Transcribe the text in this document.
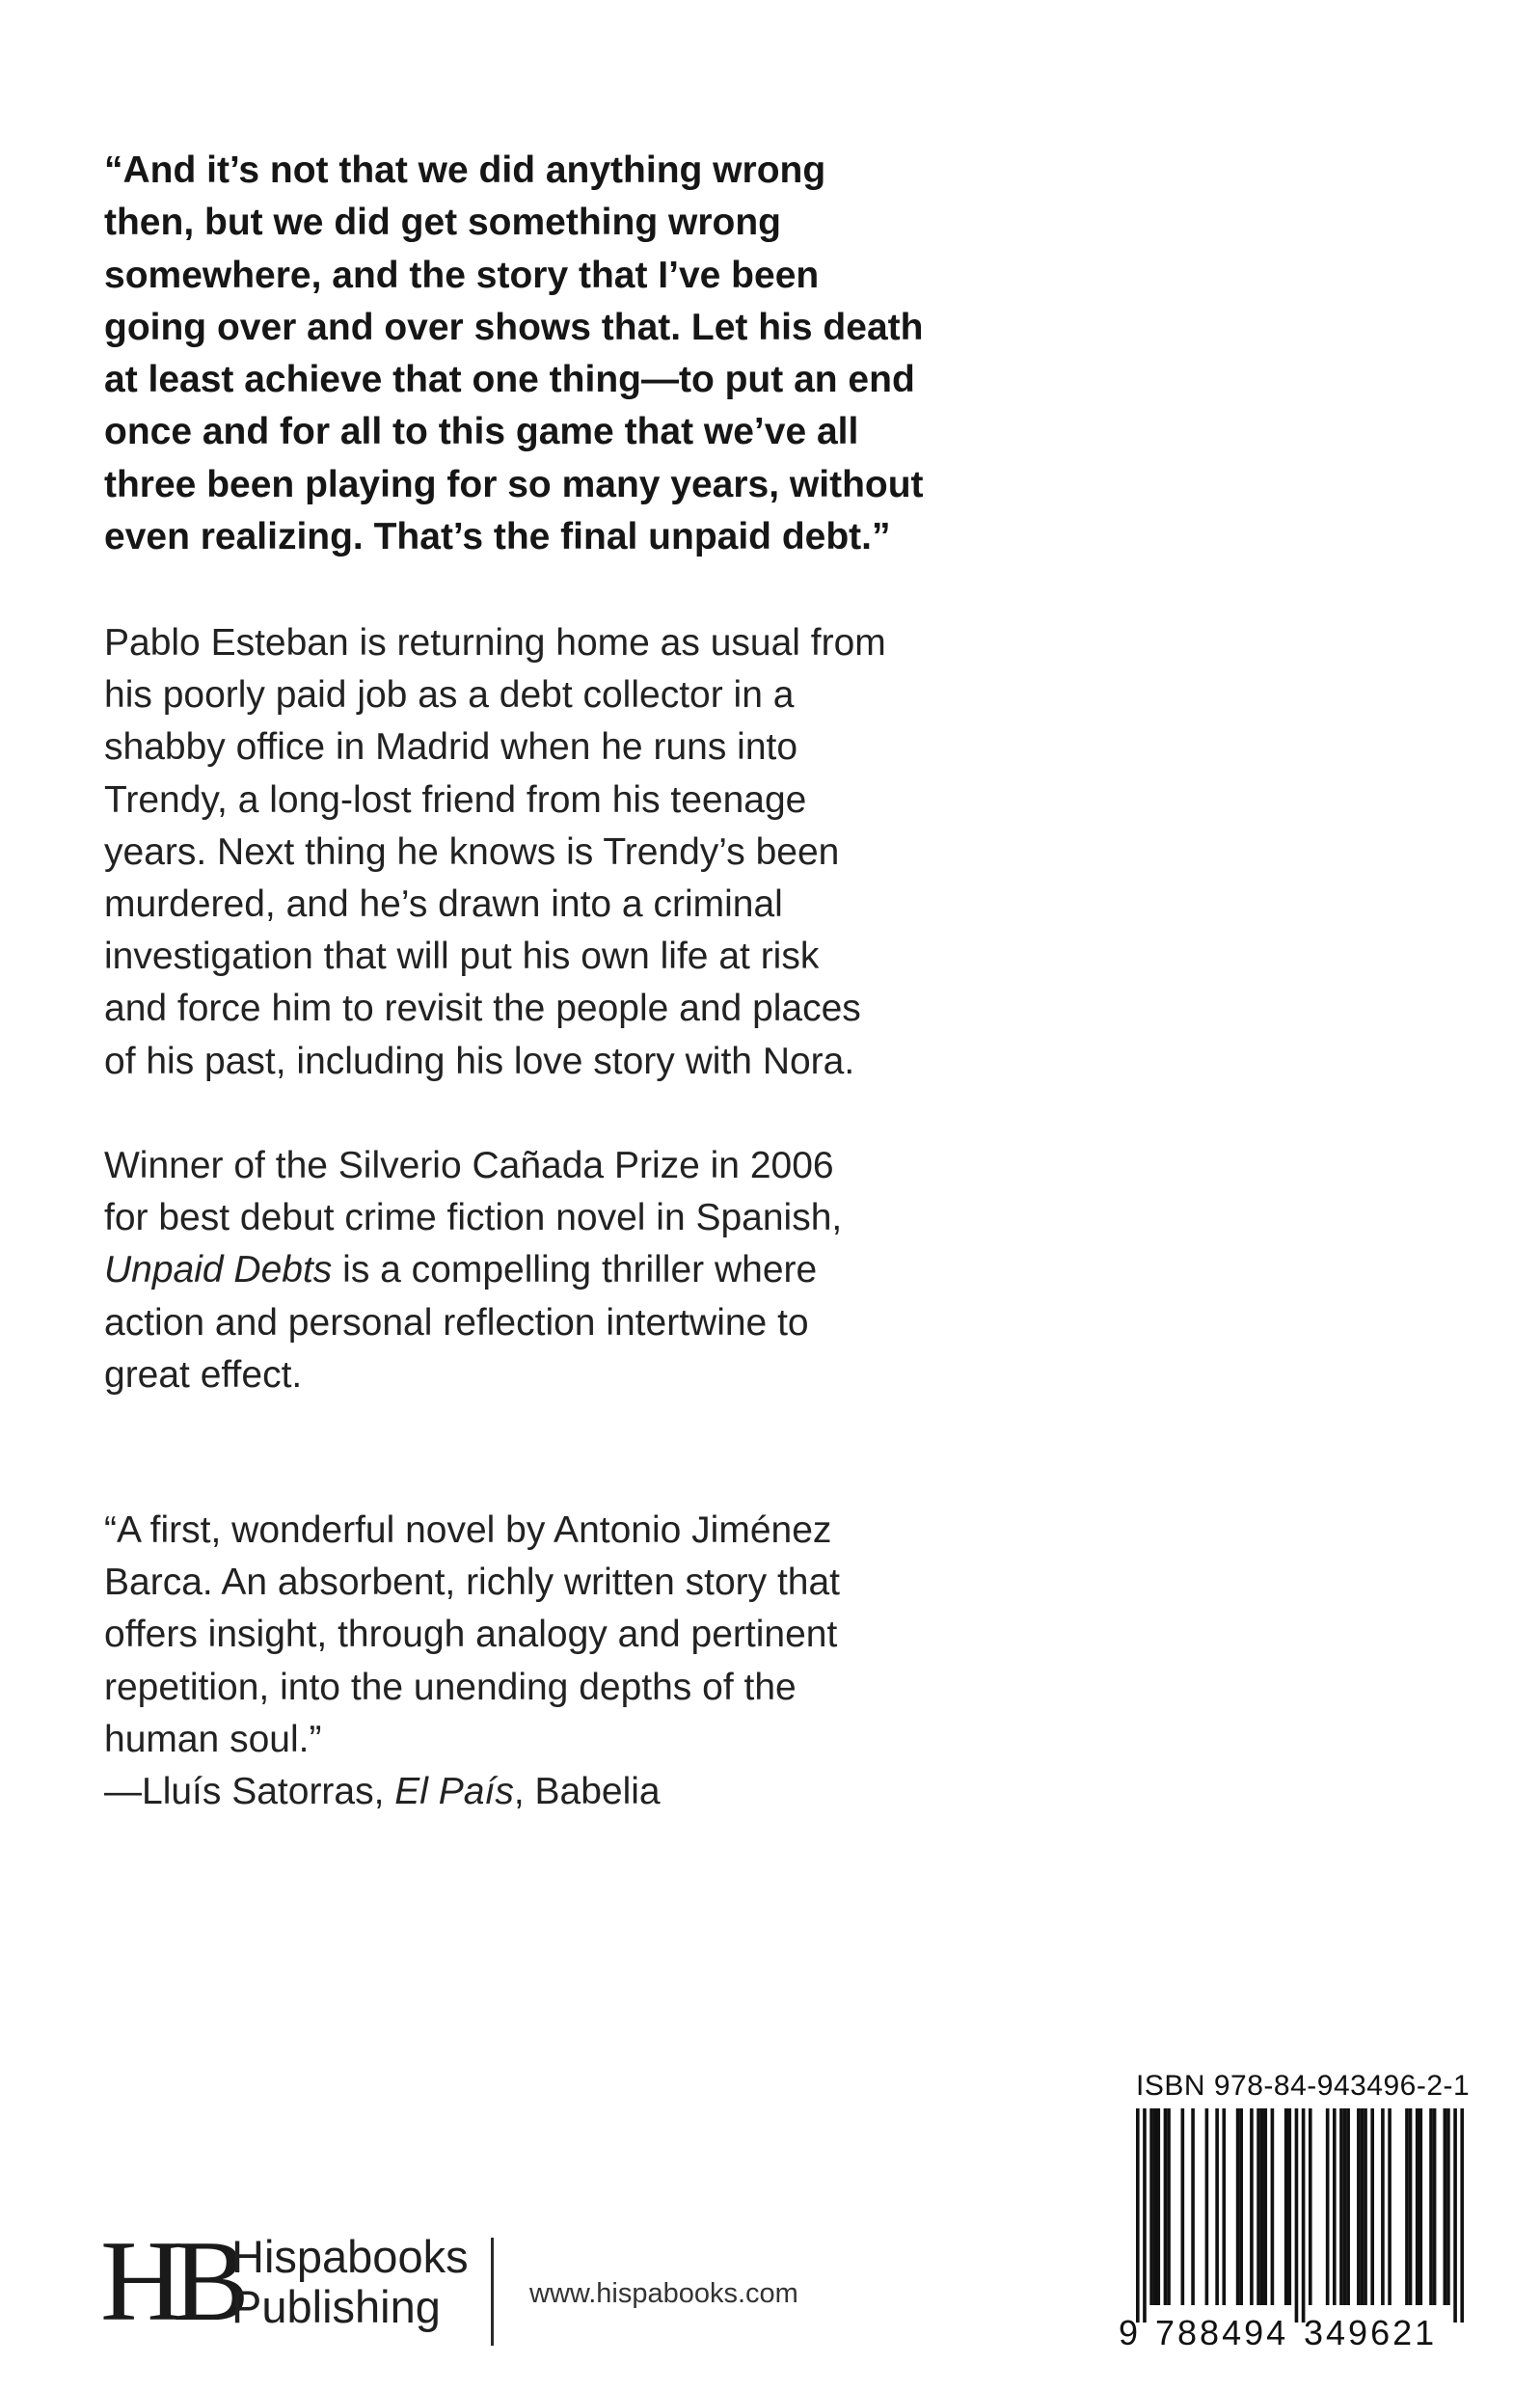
“And it’s not that we did anything wrong
then, but we did get something wrong
somewhere, and the story that I’ve been
going over and over shows that. Let his death
at least achieve that one thing—to put an end
once and for all to this game that we’ve all
three been playing for so many years, without
even realizing. That’s the final unpaid debt.”
Pablo Esteban is returning home as usual from
his poorly paid job as a debt collector in a
shabby office in Madrid when he runs into
Trendy, a long-lost friend from his teenage
years. Next thing he knows is Trendy’s been
murdered, and he’s drawn into a criminal
investigation that will put his own life at risk
and force him to revisit the people and places
of his past, including his love story with Nora.
Winner of the Silverio Cañada Prize in 2006
for best debut crime fiction novel in Spanish,
Unpaid Debts is a compelling thriller where
action and personal reflection intertwine to
great effect.
“A first, wonderful novel by Antonio Jiménez
Barca. An absorbent, richly written story that
offers insight, through analogy and pertinent
repetition, into the unending depths of the
human soul.”
—Lluís Satorras, El País, Babelia
HB
Hispabooks
Publishing	www.hispabooks.com
ISBN 978-84-943496-2-1
9 788494 349621
